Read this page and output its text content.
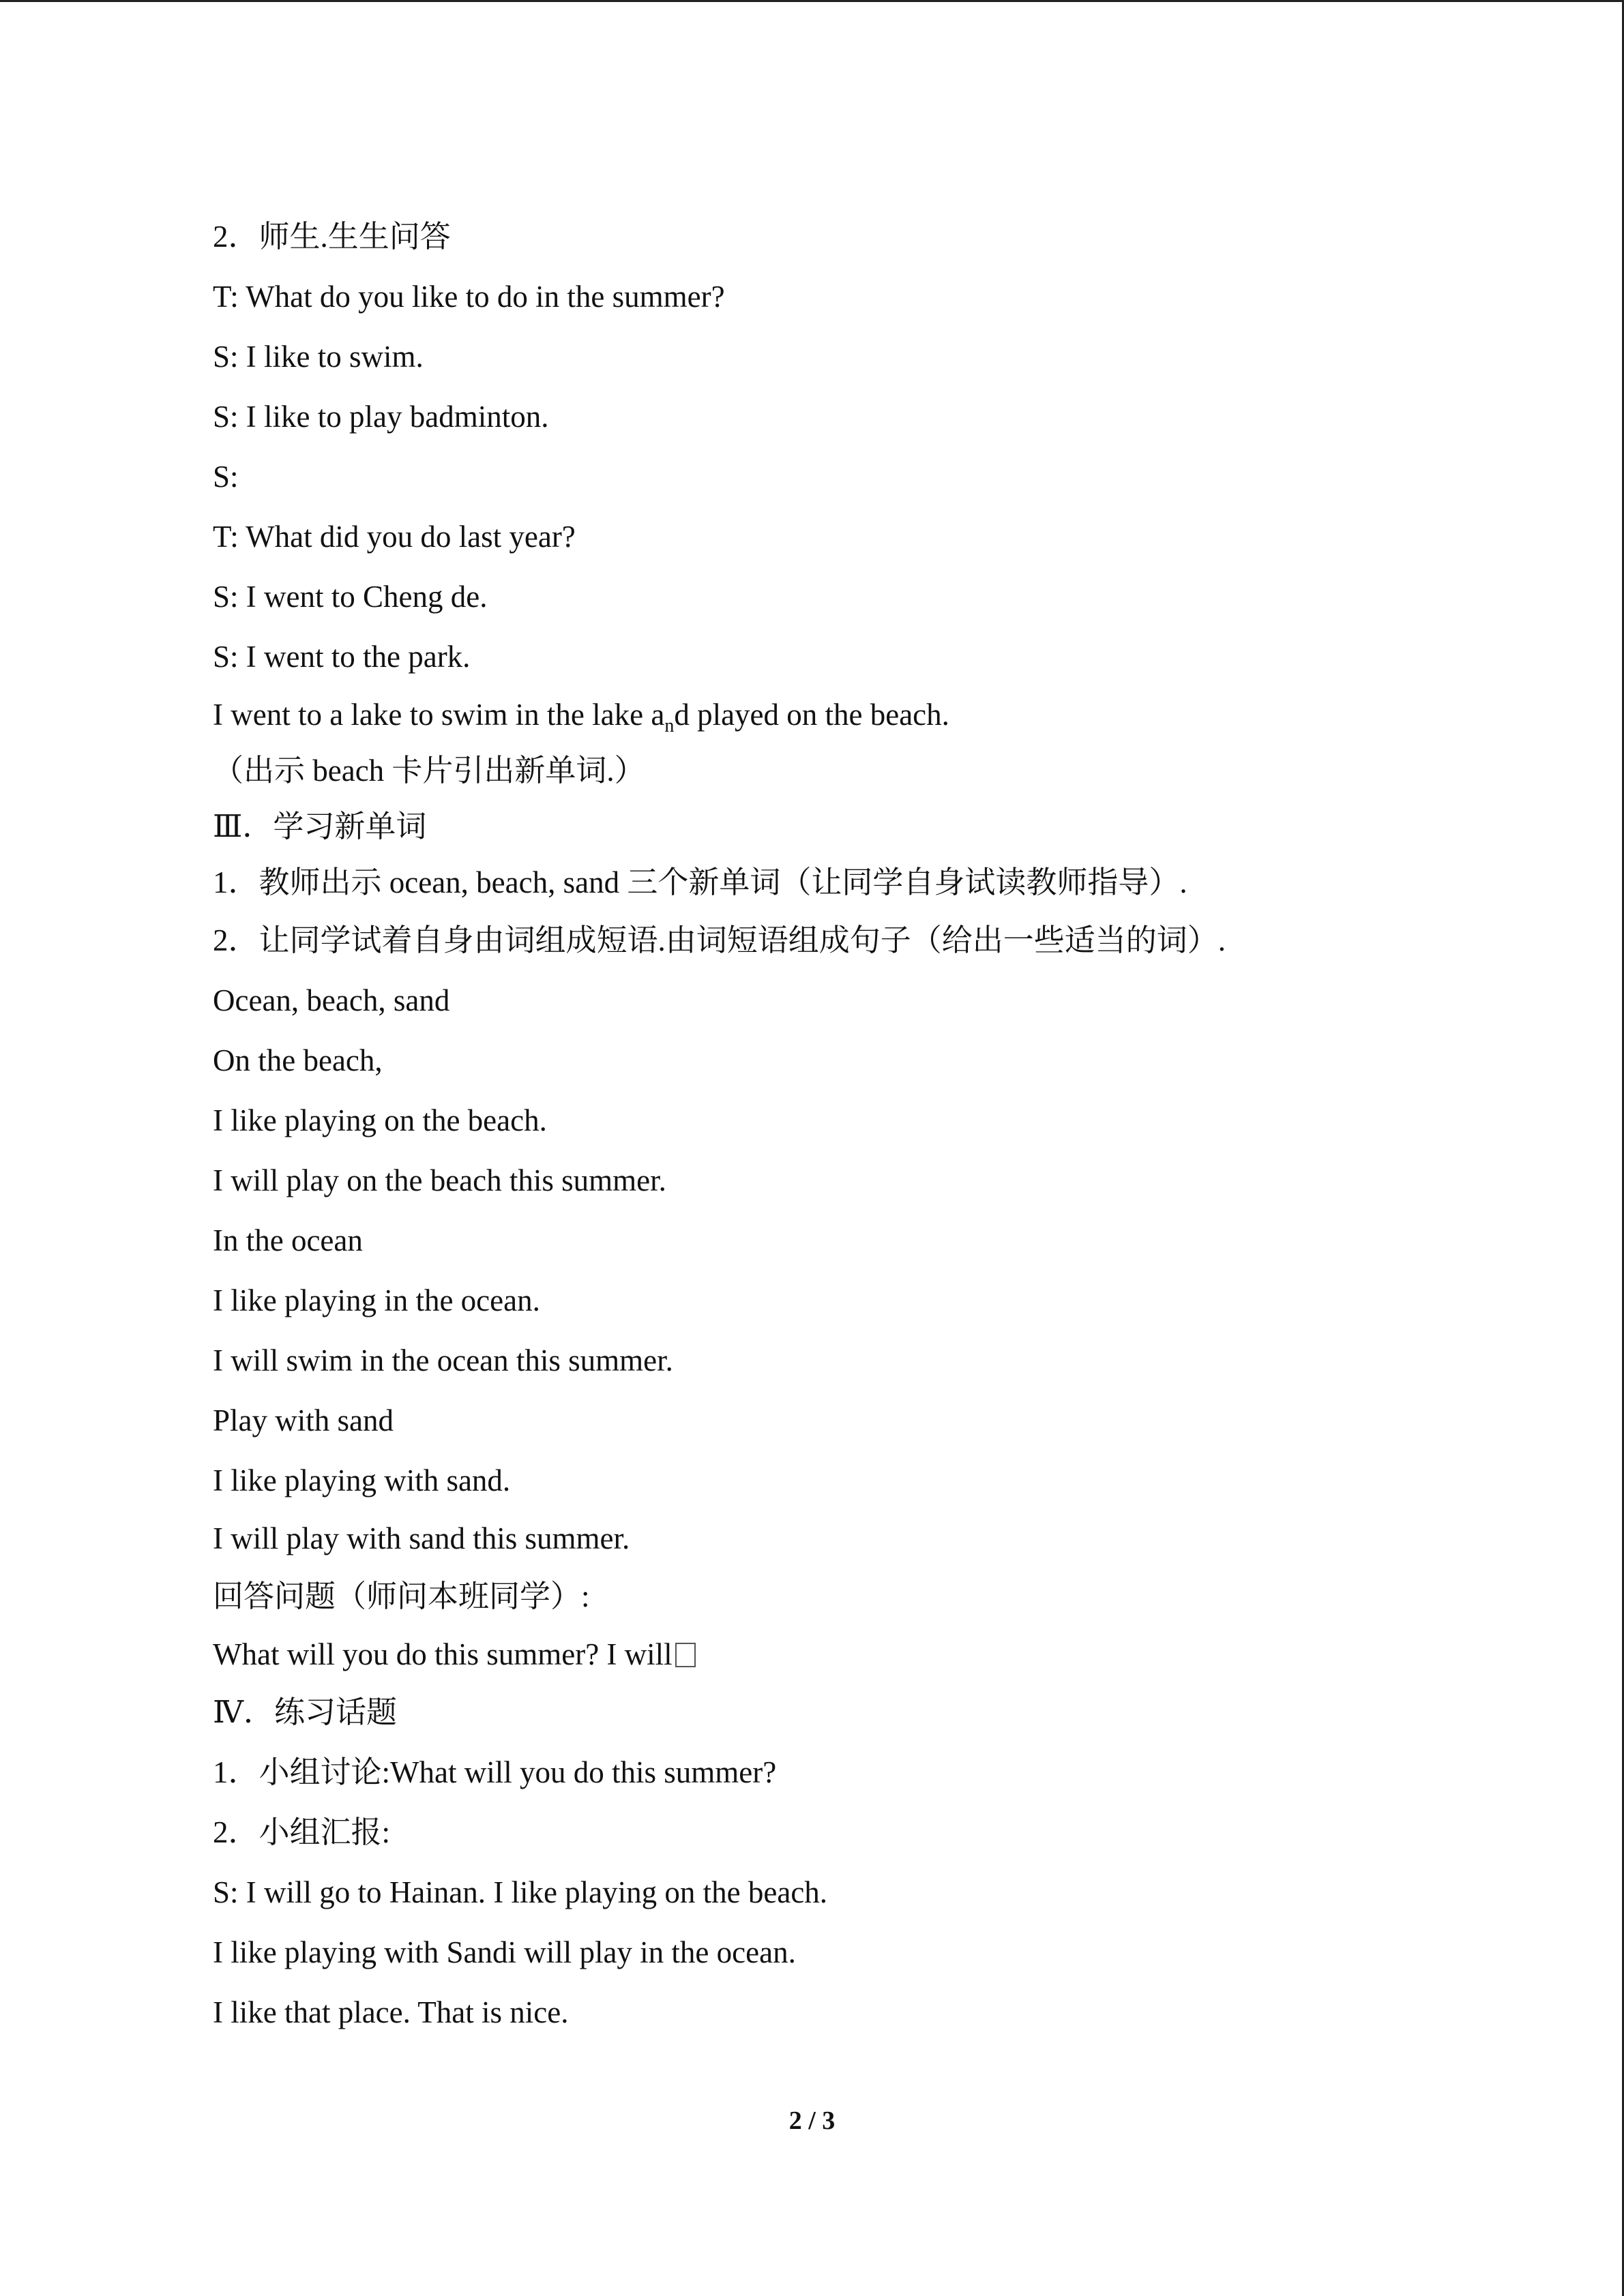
2．师生.生生问答
T: What do you like to do in the summer?
S: I like to swim.
S: I like to play badminton.
S:
T: What did you do last year?
S: I went to Cheng de.
S: I went to the park.
I went to a lake to swim in the lake $a_nd$ played on the beach.
（出示 beach 卡片引出新单词.）
Ⅲ．学习新单词
1．教师出示 ocean, beach, sand 三个新单词（让同学自身试读教师指导）.
2．让同学试着自身由词组成短语.由词短语组成句子（给出一些适当的词）.
Ocean, beach, sand
On the beach,
I like playing on the beach.
I will play on the beach this summer.
In the ocean
I like playing in the ocean.
I will swim in the ocean this summer.
Play with sand
I like playing with sand.
I will play with sand this summer.
回答问题（师问本班同学）:
What will you do this summer? I will
Ⅳ．练习话题
1．小组讨论:What will you do this summer?
2．小组汇报:
S: I will go to Hainan. I like playing on the beach.
I like playing with Sandi will play in the ocean.
I like that place. That is nice.
2 / 3
